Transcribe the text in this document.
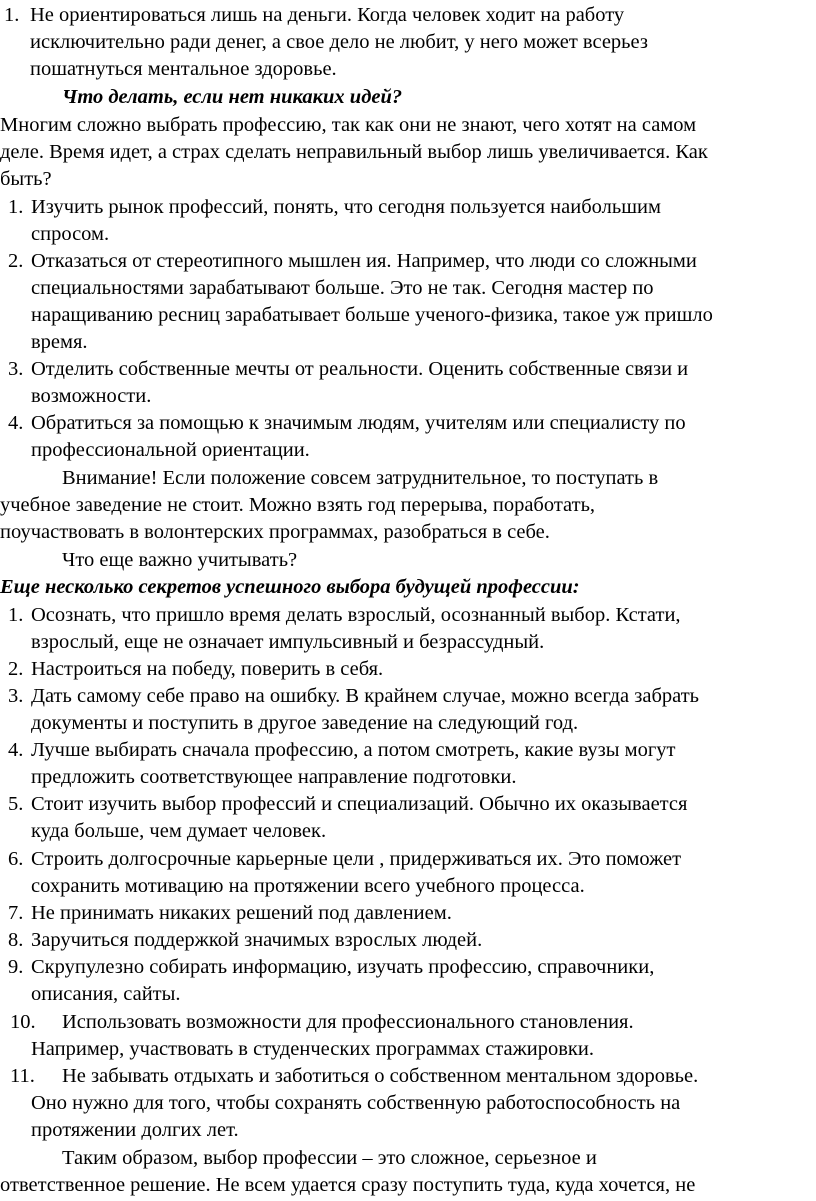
1. Не ориентироваться лишь на деньги. Когда человек ходит на работу
исключительно ради денег, а свое дело не любит, у него может всерьез
пошатнуться ментальное здоровье.
Что делать, если нет никаких идей?
Многим сложно выбрать профессию, так как они не знают, чего хотят на самом
деле. Время идет, а страх сделать неправильный выбор лишь увеличивается. Как
быть?
1. Изучить рынок профессий, понять, что сегодня пользуется наибольшим
спросом.
2. Отказаться от стереотипного мышлен ия. Например, что люди со сложными
специальностями зарабатывают больше. Это не так. Сегодня мастер по
наращиванию ресниц зарабатывает больше ученого-физика, такое уж пришло
время.
3. Отделить собственные мечты от реальности. Оценить собственные связи и
возможности.
4. Обратиться за помощью к значимым людям, учителям или специалисту по
профессиональной ориентации.
Внимание! Если положение совсем затруднительное, то поступать в
учебное заведение не стоит. Можно взять год перерыва, поработать,
поучаствовать в волонтерских программах, разобраться в себе.
Что еще важно учитывать?
Еще несколько секретов успешного выбора будущей профессии:
1. Осознать, что пришло время делать взрослый, осознанный выбор. Кстати,
взрослый, еще не означает импульсивный и безрассудный.
2. Настроиться на победу, поверить в себя.
3. Дать самому себе право на ошибку. В крайнем случае, можно всегда забрать
документы и поступить в другое заведение на следующий год.
4. Лучше выбирать сначала профессию, а потом смотреть, какие вузы могут
предложить соответствующее направление подготовки.
5. Стоит изучить выбор профессий и специализаций. Обычно их оказывается
куда больше, чем думает человек.
6. Строить долгосрочные карьерные цели , придерживаться их. Это поможет
сохранить мотивацию на протяжении всего учебного процесса.
7. Не принимать никаких решений под давлением.
8. Заручиться поддержкой значимых взрослых людей.
9. Скрупулезно собирать информацию, изучать профессию, справочники,
описания, сайты.
10. Использовать возможности для профессионального становления.
Например, участвовать в студенческих программах стажировки.
11. Не забывать отдыхать и заботиться о собственном ментальном здоровье.
Оно нужно для того, чтобы сохранять собственную работоспособность на
протяжении долгих лет.
Таким образом, выбор профессии – это сложное, серьезное и
ответственное решение. Не всем удается сразу поступить туда, куда хочется, не
